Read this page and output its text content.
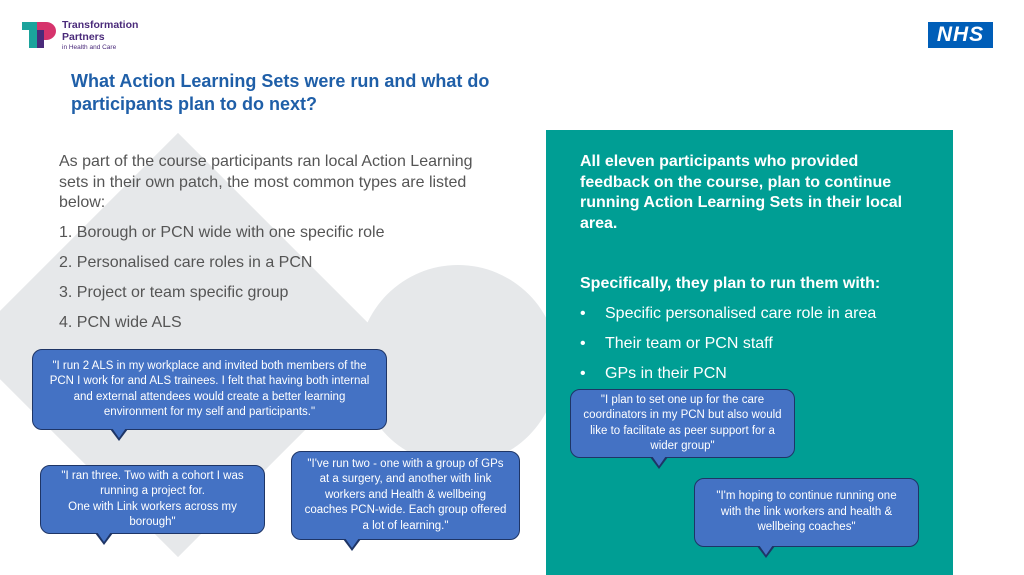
Transformation
Partners
in Health and Care
NHS
What Action Learning Sets were run and what do participants plan to do next?

As part of the course participants ran local Action Learning sets in their own patch, the most common types are listed below:

1. Borough or PCN wide with one specific role
2. Personalised care roles in a PCN
3. Project or team specific group
4. PCN wide ALS

All eleven participants who provided feedback on the course, plan to continue running Action Learning Sets in their local area.

Specifically, they plan to run them with:

• Specific personalised care role in area
• Their team or PCN staff
• GPs in their PCN
"I run 2 ALS in my workplace and invited both members of the
PCN I work for and ALS trainees. I felt that having both internal
and external attendees would create a better learning
environment for my self and participants."
"I ran three. Two with a cohort I was
running a project for.
One with Link workers across my
borough"
"I've run two - one with a group of GPs
at a surgery, and another with link
workers and Health & wellbeing
coaches PCN-wide. Each group offered
a lot of learning."
"I plan to set one up for the care
coordinators in my PCN but also would
like to facilitate as peer support for a
wider group"
"I'm hoping to continue running one
with the link workers and health &
wellbeing coaches"
